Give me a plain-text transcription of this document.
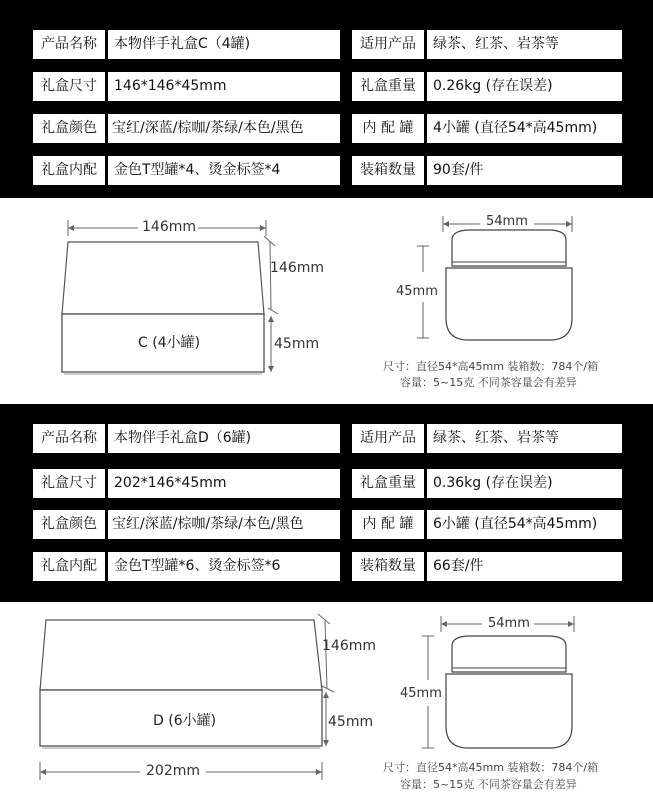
产品名称	本物伴手礼盒C（4罐)	适用产品	绿茶、红茶、岩茶等
礼盒尺寸	146*146*45mm	礼盒重量	0.26kg (存在误差)
礼盒颜色	宝红/深蓝/棕咖/茶绿/本色/黑色	内 配 罐	4小罐 (直径54*高45mm)
礼盒内配	金色T型罐*4、烫金标签*4	装箱数量	90套/件
146mm
146mm
45mm
C (4小罐)
54mm
45mm
尺寸：直径54*高45mm 装箱数：784个/箱
容量：5~15克 不同茶容量会有差异
产品名称	本物伴手礼盒D（6罐)	适用产品	绿茶、红茶、岩茶等
礼盒尺寸	202*146*45mm	礼盒重量	0.36kg (存在误差)
礼盒颜色	宝红/深蓝/棕咖/茶绿/本色/黑色	内 配 罐	6小罐 (直径54*高45mm)
礼盒内配	金色T型罐*6、烫金标签*6	装箱数量	66套/件
146mm
45mm
D (6小罐)
202mm
54mm
45mm
尺寸：直径54*高45mm 装箱数：784个/箱
容量：5~15克 不同茶容量会有差异
